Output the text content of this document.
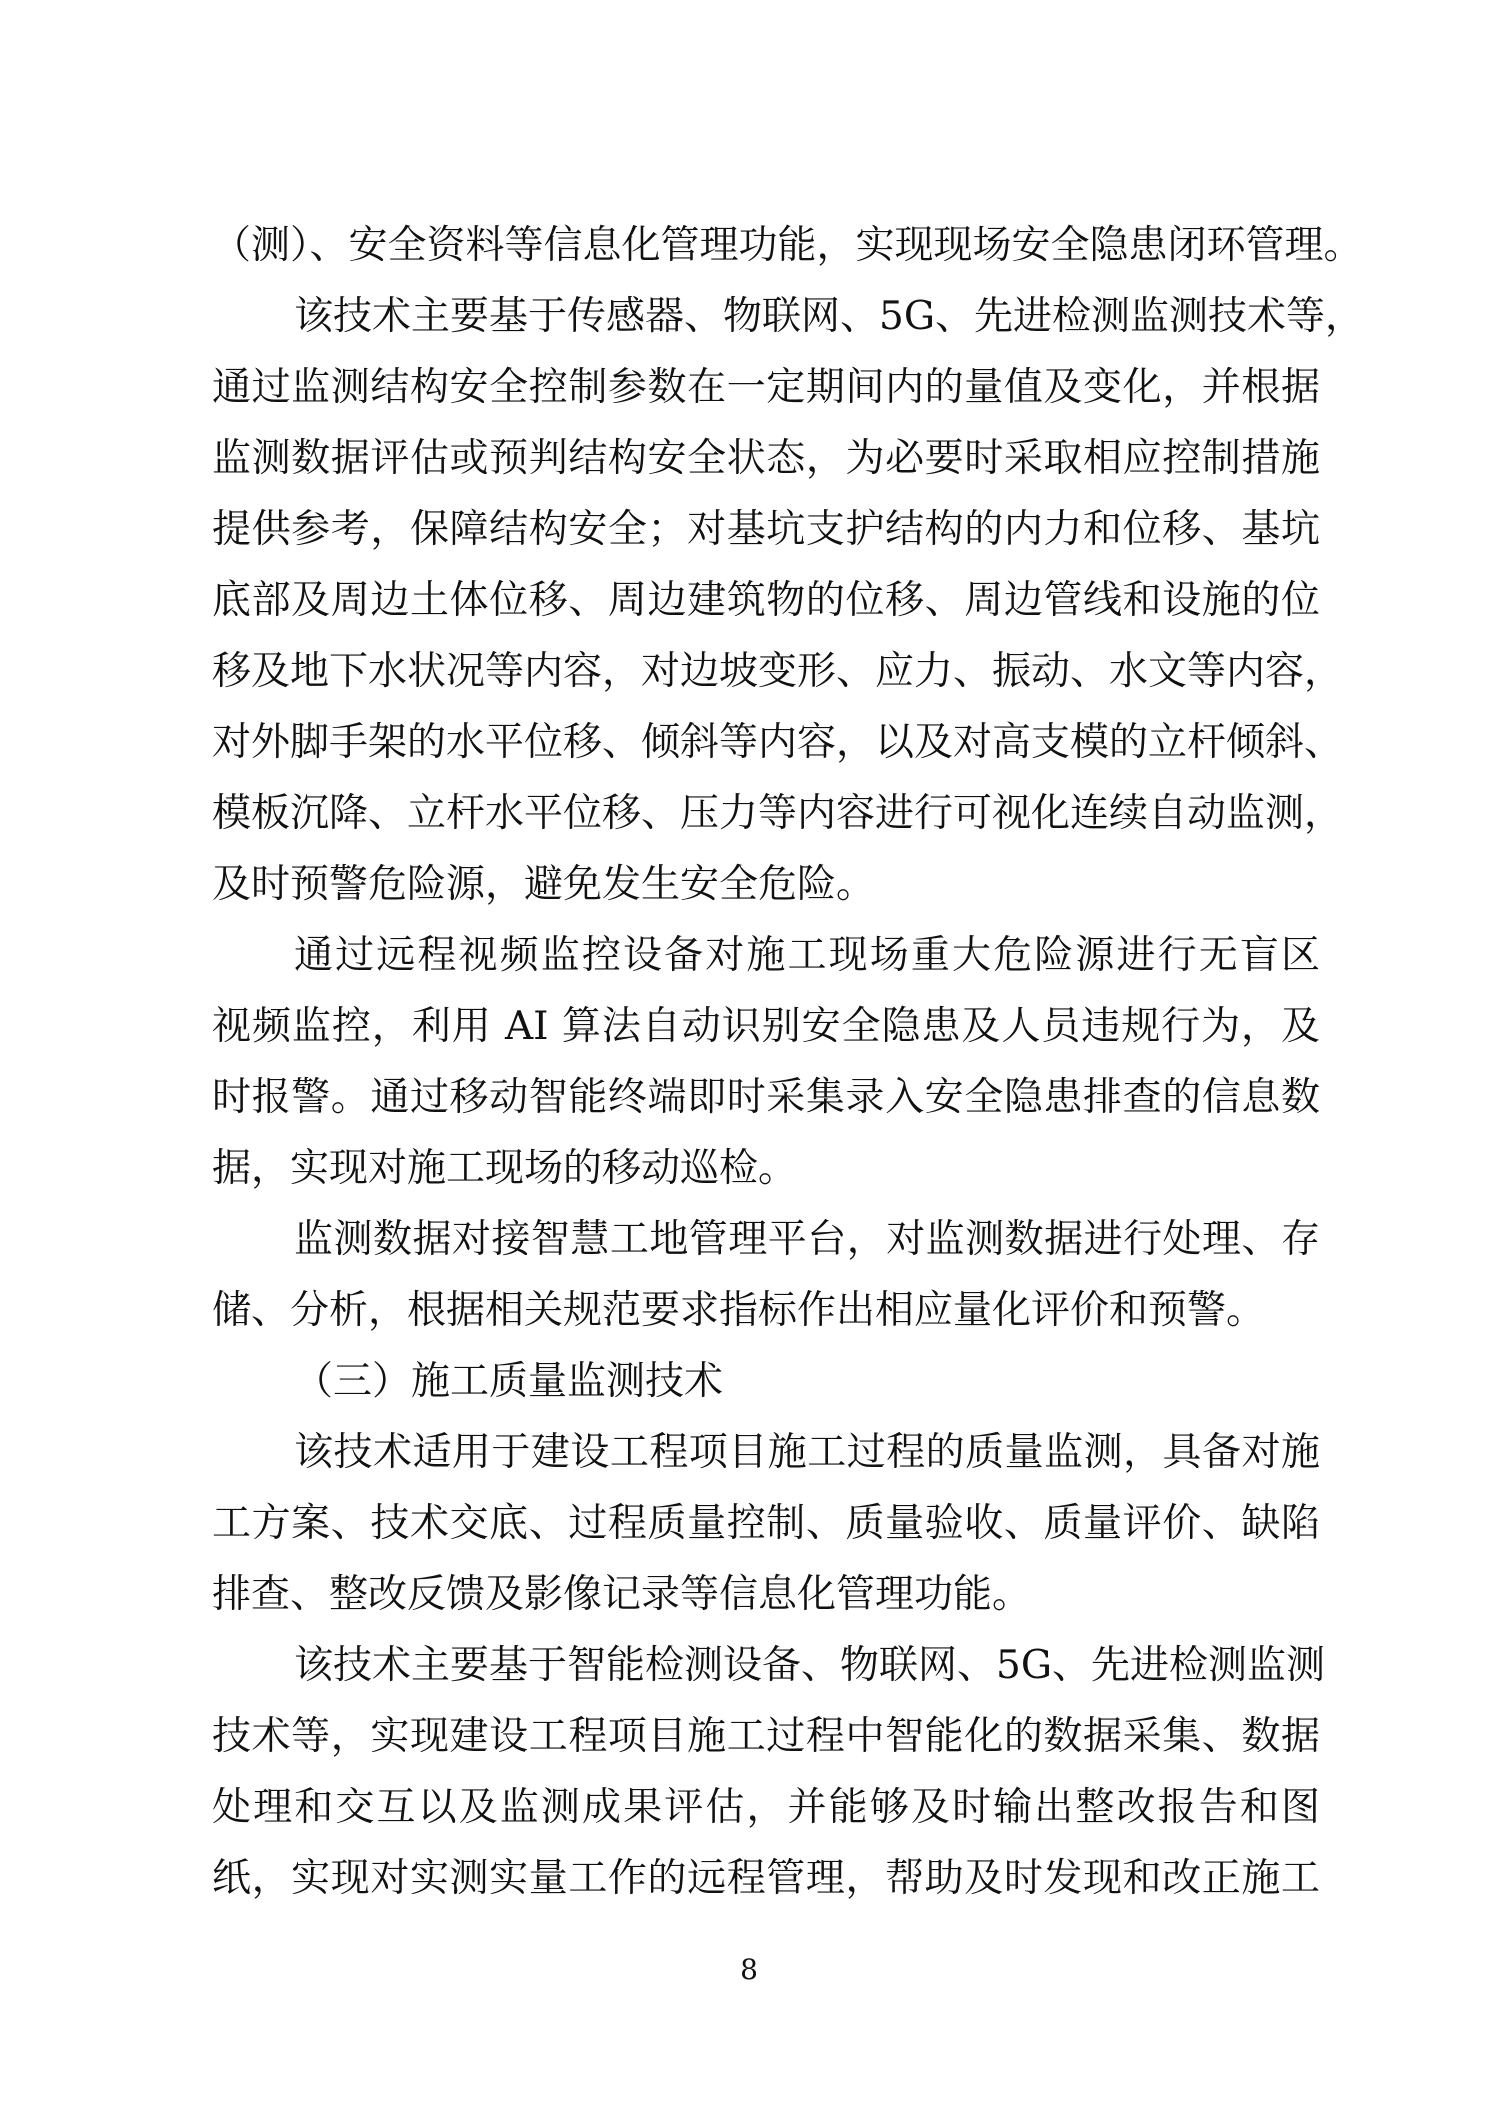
（测）、安全资料等信息化管理功能，实现现场安全隐患闭环管理。
该技术主要基于传感器、物联网、5G、先进检测监测技术等，
通过监测结构安全控制参数在一定期间内的量值及变化，并根据
监测数据评估或预判结构安全状态，为必要时采取相应控制措施
提供参考，保障结构安全；对基坑支护结构的内力和位移、基坑
底部及周边土体位移、周边建筑物的位移、周边管线和设施的位
移及地下水状况等内容，对边坡变形、应力、振动、水文等内容，
对外脚手架的水平位移、倾斜等内容，以及对高支模的立杆倾斜、
模板沉降、立杆水平位移、压力等内容进行可视化连续自动监测，
及时预警危险源，避免发生安全危险。
通过远程视频监控设备对施工现场重大危险源进行无盲区
视频监控，利用 AI 算法自动识别安全隐患及人员违规行为，及
时报警。通过移动智能终端即时采集录入安全隐患排查的信息数
据，实现对施工现场的移动巡检。
监测数据对接智慧工地管理平台，对监测数据进行处理、存
储、分析，根据相关规范要求指标作出相应量化评价和预警。
（三）施工质量监测技术
该技术适用于建设工程项目施工过程的质量监测，具备对施
工方案、技术交底、过程质量控制、质量验收、质量评价、缺陷
排查、整改反馈及影像记录等信息化管理功能。
该技术主要基于智能检测设备、物联网、5G、先进检测监测
技术等，实现建设工程项目施工过程中智能化的数据采集、数据
处理和交互以及监测成果评估，并能够及时输出整改报告和图
纸，实现对实测实量工作的远程管理，帮助及时发现和改正施工
8
